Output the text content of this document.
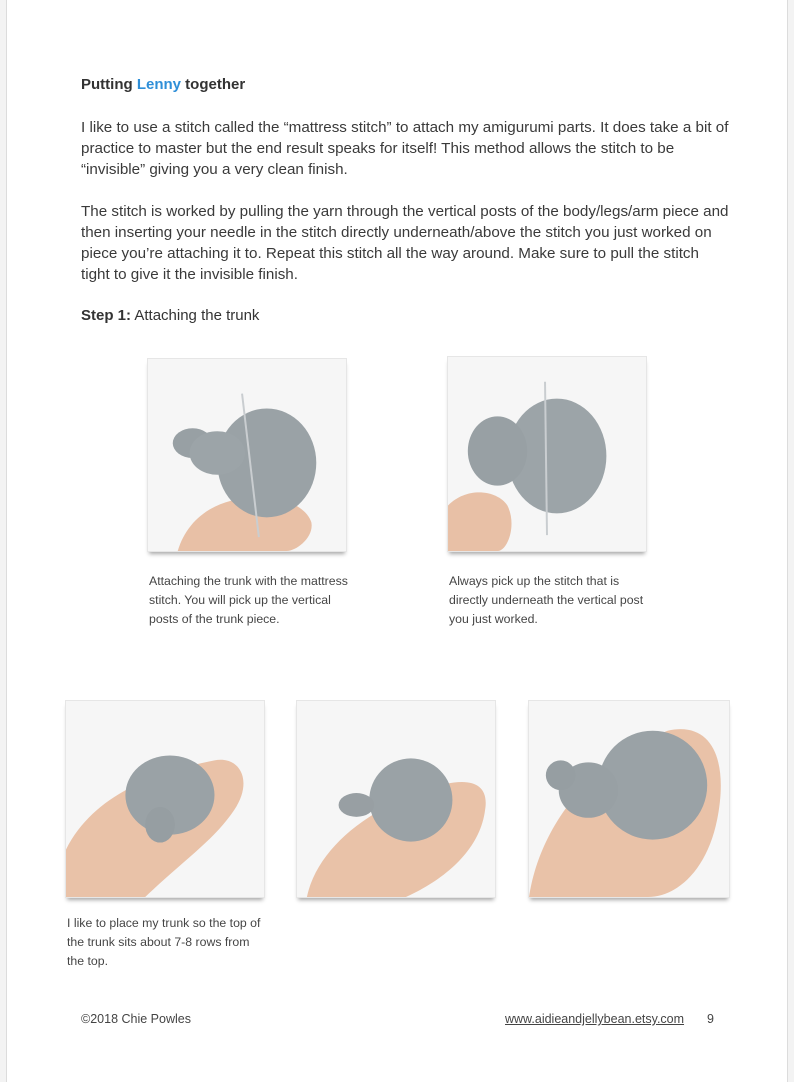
Putting Lenny together

I like to use a stitch called the “mattress stitch” to attach my amigurumi parts. It does take a bit of practice to master but the end result speaks for itself! This method allows the stitch to be “invisible” giving you a very clean finish.

The stitch is worked by pulling the yarn through the vertical posts of the body/legs/arm piece and then inserting your needle in the stitch directly underneath/above the stitch you just worked on piece you’re attaching it to. Repeat this stitch all the way around. Make sure to pull the stitch tight to give it the invisible finish.

Step 1: Attaching the trunk
Attaching the trunk with the mattress stitch. You will pick up the vertical posts of the trunk piece.
Always pick up the stitch that is directly underneath the vertical post you just worked.
I like to place my trunk so the top of the trunk sits about 7-8 rows from the top.
©2018 Chie Powles	www.aidieandjellybean.etsy.com 9
